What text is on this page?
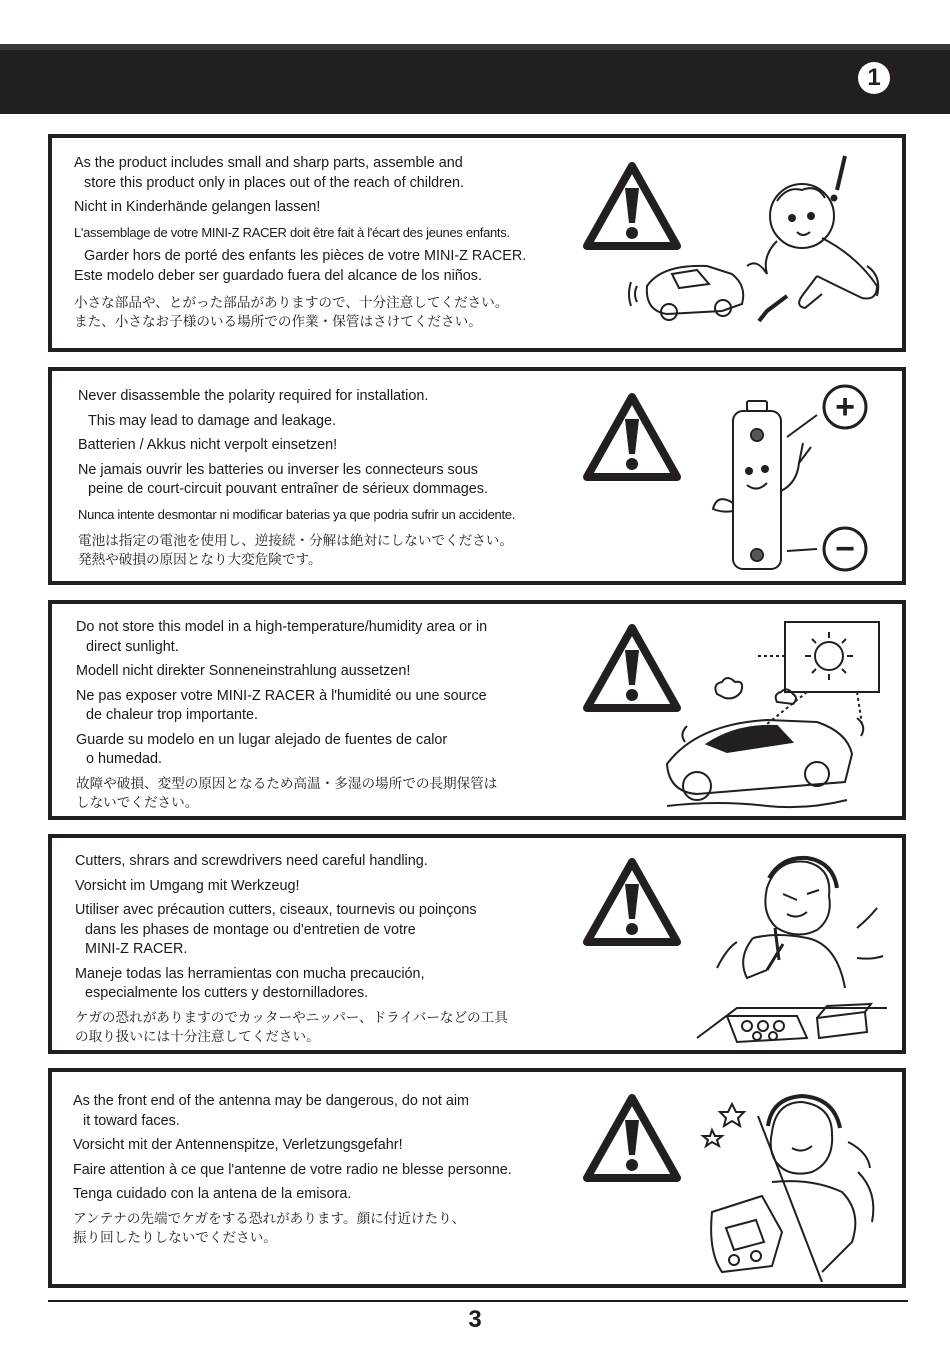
1

As the product includes small and sharp parts, assemble and
store this product only in places out of the reach of children.

Nicht in Kinderhände gelangen lassen!

L'assemblage de votre MINI-Z RACER doit être fait à l'écart des jeunes enfants.

Garder hors de porté des enfants les pièces de votre MINI-Z RACER.

Este modelo deber ser guardado fuera del alcance de los niños.

小さな部品や、とがった部品がありますので、十分注意してください。

また、小さなお子様のいる場所での作業・保管はさけてください。

Never disassemble the polarity required for installation.

This may lead to damage and leakage.

Batterien / Akkus nicht verpolt einsetzen!

Ne jamais ouvrir les batteries ou inverser les connecteurs sous

peine de court-circuit pouvant entraîner de sérieux dommages.

Nunca intente desmontar ni modificar baterias ya que podria sufrir un accidente.

電池は指定の電池を使用し、逆接続・分解は絶対にしないでください。

発熱や破損の原因となり大変危険です。

+
−

Do not store this model in a high-temperature/humidity area or in

direct sunlight.

Modell nicht direkter Sonneneinstrahlung aussetzen!

Ne pas exposer votre MINI-Z RACER à l'humidité ou une source

de chaleur trop importante.

Guarde su modelo en un lugar alejado de fuentes de calor

o humedad.

故障や破損、変型の原因となるため高温・多湿の場所での長期保管は

しないでください。

Cutters, shrars and screwdrivers need careful handling.

Vorsicht im Umgang mit Werkzeug!

Utiliser avec précaution cutters, ciseaux, tournevis ou poinçons

dans les phases de montage ou d'entretien de votre

MINI-Z RACER.

Maneje todas las herramientas con mucha precaución,

especialmente los cutters y destornilladores.

ケガの恐れがありますのでカッターやニッパー、ドライバーなどの工具

の取り扱いには十分注意してください。

As the front end of the antenna may be dangerous, do not aim

it toward faces.

Vorsicht mit der Antennenspitze, Verletzungsgefahr!

Faire attention à ce que l'antenne de votre radio ne blesse personne.

Tenga cuidado con la antena de la emisora.

アンテナの先端でケガをする恐れがあります。顔に付近けたり、

振り回したりしないでください。

3
